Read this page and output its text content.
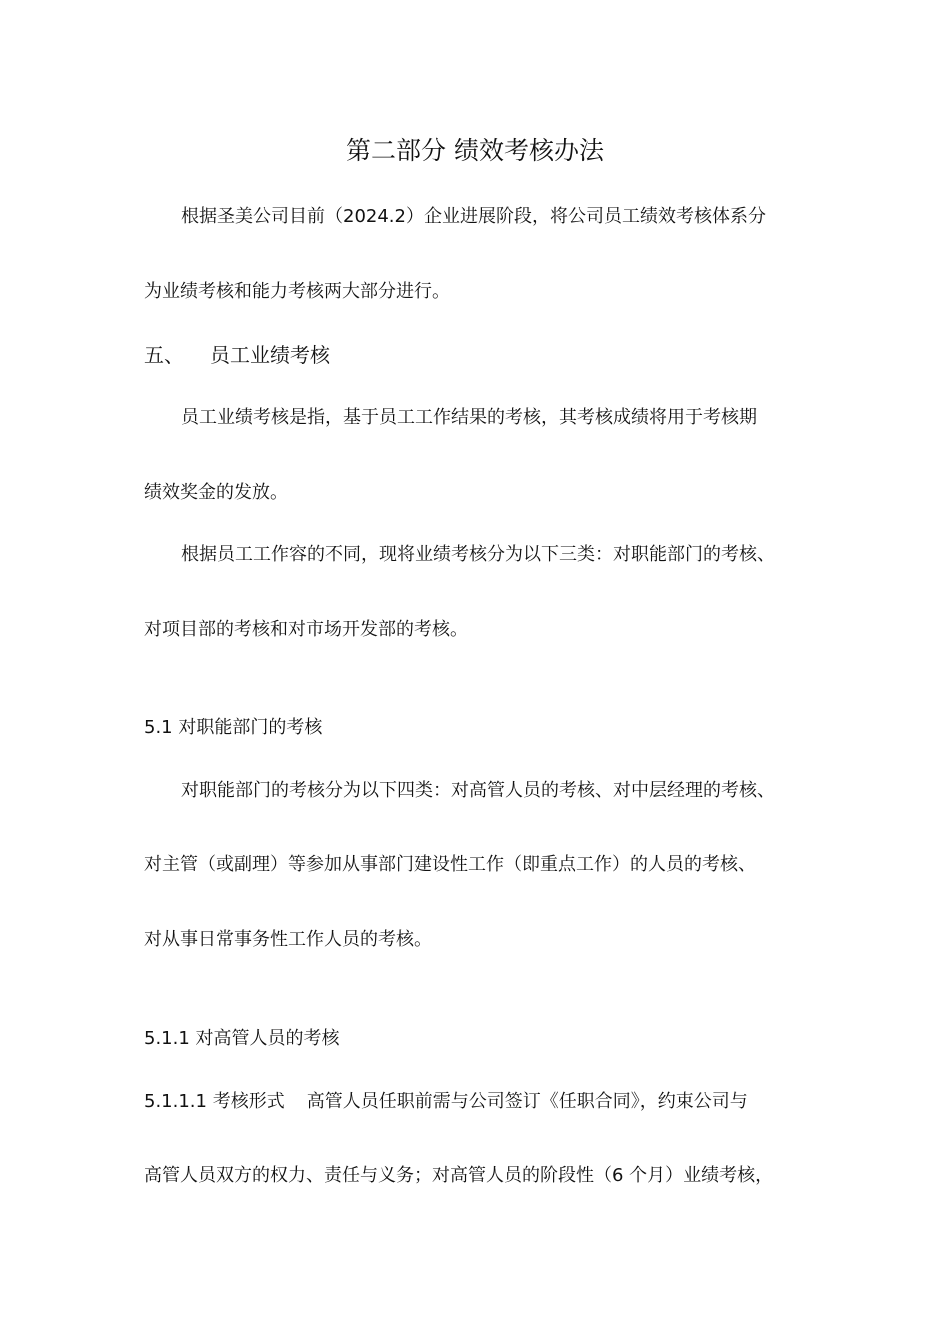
第二部分 绩效考核办法
根据圣美公司目前（2024.2）企业进展阶段，将公司员工绩效考核体系分
为业绩考核和能力考核两大部分进行。
五、 员工业绩考核
员工业绩考核是指，基于员工工作结果的考核，其考核成绩将用于考核期
绩效奖金的发放。
根据员工工作容的不同，现将业绩考核分为以下三类：对职能部门的考核、
对项目部的考核和对市场开发部的考核。
5.1 对职能部门的考核
对职能部门的考核分为以下四类：对高管人员的考核、对中层经理的考核、
对主管（或副理）等参加从事部门建设性工作（即重点工作）的人员的考核、
对从事日常事务性工作人员的考核。
5.1.1 对高管人员的考核
5.1.1.1 考核形式 高管人员任职前需与公司签订《任职合同》，约束公司与
高管人员双方的权力、责任与义务；对高管人员的阶段性（6 个月）业绩考核，
